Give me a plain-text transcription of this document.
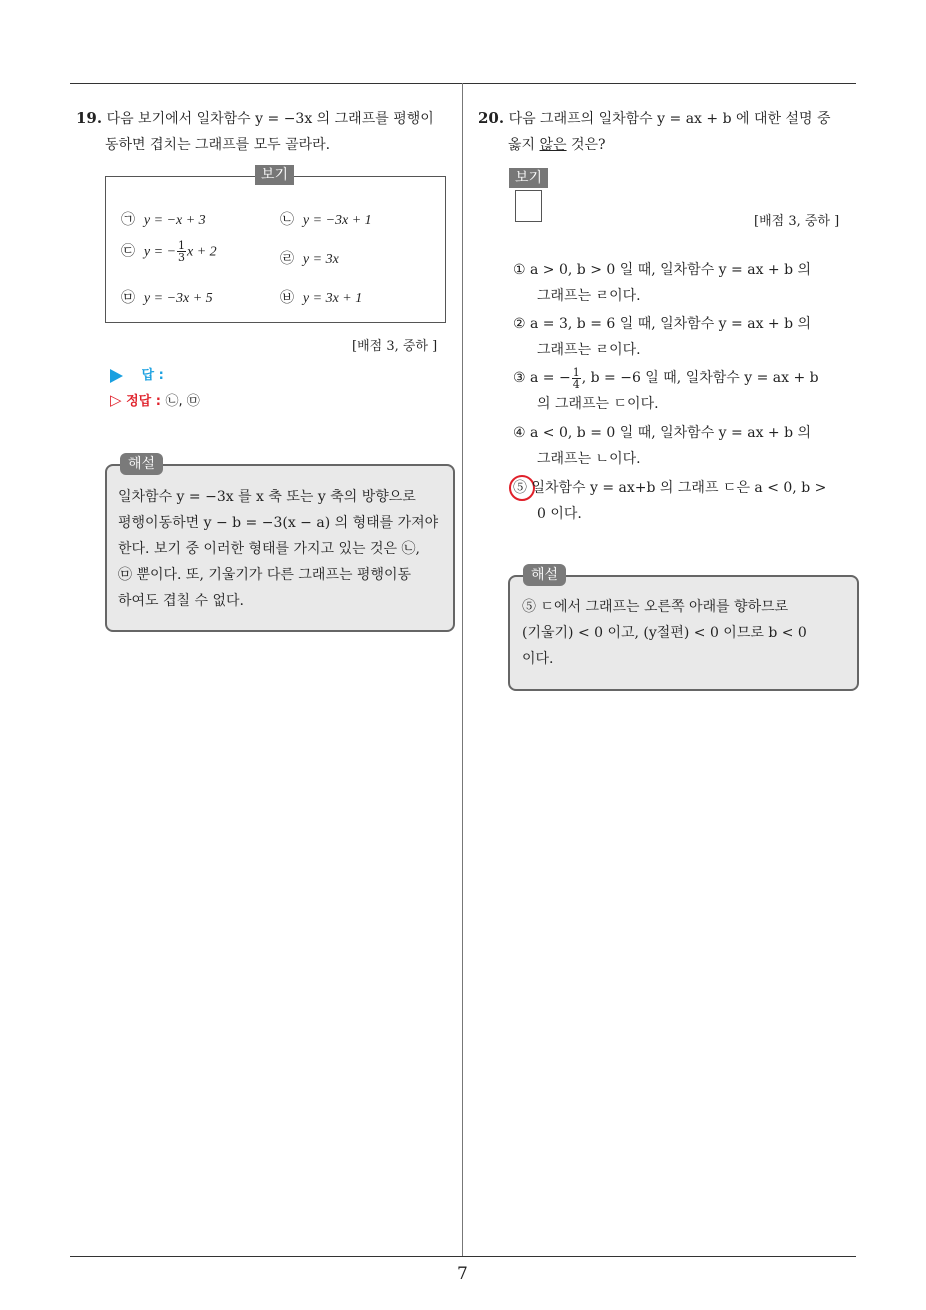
19. 다음 보기에서 일차함수 y = −3x 의 그래프를 평행이
동하면 겹치는 그래프를 모두 골라라.
보기
㉠ y = −x + 3	㉡ y = −3x + 1
㉢ y = − $\frac{1}{3}$ x + 2	㉣ y = 3x
㉤ y = −3x + 5	㉥ y = 3x + 1
[배점 3, 중하 ]
답 :
▷ 정답 : ㉡, ㉤
해설
일차함수 y = −3x 를 x 축 또는 y 축의 방향으로
평행이동하면 y − b = −3(x − a) 의 형태를 가져야
한다. 보기 중 이러한 형태를 가지고 있는 것은 ㉡,
㉤ 뿐이다. 또, 기울기가 다른 그래프는 평행이동
하여도 겹칠 수 없다.
20. 다음 그래프의 일차함수 y = ax + b 에 대한 설명 중
옳지 않은 것은?
보기
[배점 3, 중하 ]
① a > 0, b > 0 일 때, 일차함수 y = ax + b 의
그래프는 ㄹ이다.
② a = 3, b = 6 일 때, 일차함수 y = ax + b 의
그래프는 ㄹ이다.
③ a = − $\frac{1}{4}$ , b = −6 일 때, 일차함수 y = ax + b
의 그래프는 ㄷ이다.
④ a < 0, b = 0 일 때, 일차함수 y = ax + b 의
그래프는 ㄴ이다.
⑤ 일차함수 y = ax+b 의 그래프 ㄷ은 a < 0, b >
0 이다.
해설
⑤ ㄷ에서 그래프는 오른쪽 아래를 향하므로
(기울기) < 0 이고, (y절편) < 0 이므로 b < 0
이다.
7
